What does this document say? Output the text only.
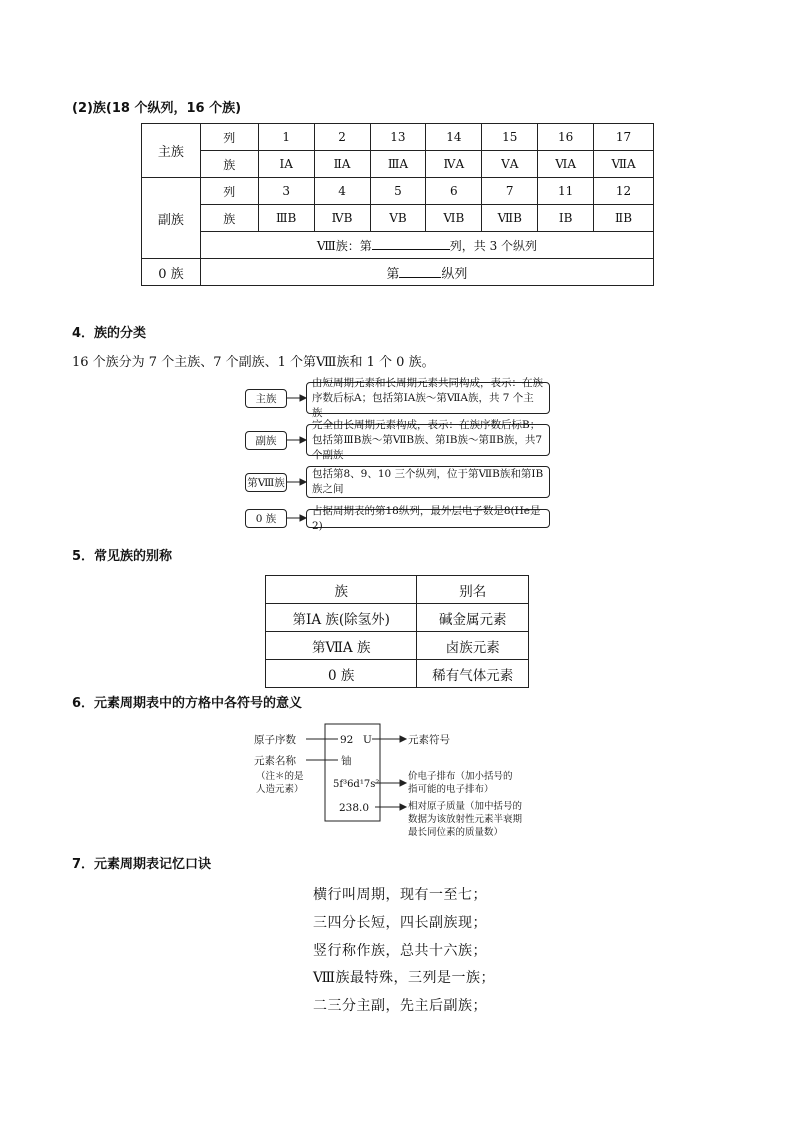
(2)族(18 个纵列，16 个族)
主族	列	1	2	13	14	15	16	17
	族	ⅠA	ⅡA	ⅢA	ⅣA	ⅤA	ⅥA	ⅦA
副族	列	3	4	5	6	7	11	12
	族	ⅢB	ⅣB	ⅤB	ⅥB	ⅦB	ⅠB	ⅡB
	Ⅷ族：第 列，共 3 个纵列							
0 族	第 纵列							
4．族的分类
16 个族分为 7 个主族、7 个副族、1 个第Ⅷ族和 1 个 0 族。
主族
由短周期元素和长周期元素共同构成，表示：在族序数后标A；包括第ⅠA族～第ⅦA族，共 7 个主族
副族
完全由长周期元素构成，表示：在族序数后标B；包括第ⅢB族～第ⅦB族、第ⅠB族～第ⅡB族，共7个副族
第Ⅷ族
包括第8、9、10 三个纵列，位于第ⅦB族和第ⅠB族之间
0 族
占据周期表的第18纵列，最外层电子数是8(He是2)
5．常见族的别称
族	别名
第ⅠA 族(除氢外)	碱金属元素
第ⅦA 族	卤族元素
0 族	稀有气体元素
6．元素周期表中的方格中各符号的意义
原子序数
元素名称
（注＊的是
人造元素）
92 U
铀
5f³6d¹7s²
238.0
元素符号
价电子排布（加小括号的
指可能的电子排布）
相对原子质量（加中括号的
数据为该放射性元素半衰期
最长同位素的质量数）
7．元素周期表记忆口诀
横行叫周期，现有一至七；
三四分长短，四长副族现；
竖行称作族，总共十六族；
Ⅷ族最特殊，三列是一族；
二三分主副，先主后副族；
